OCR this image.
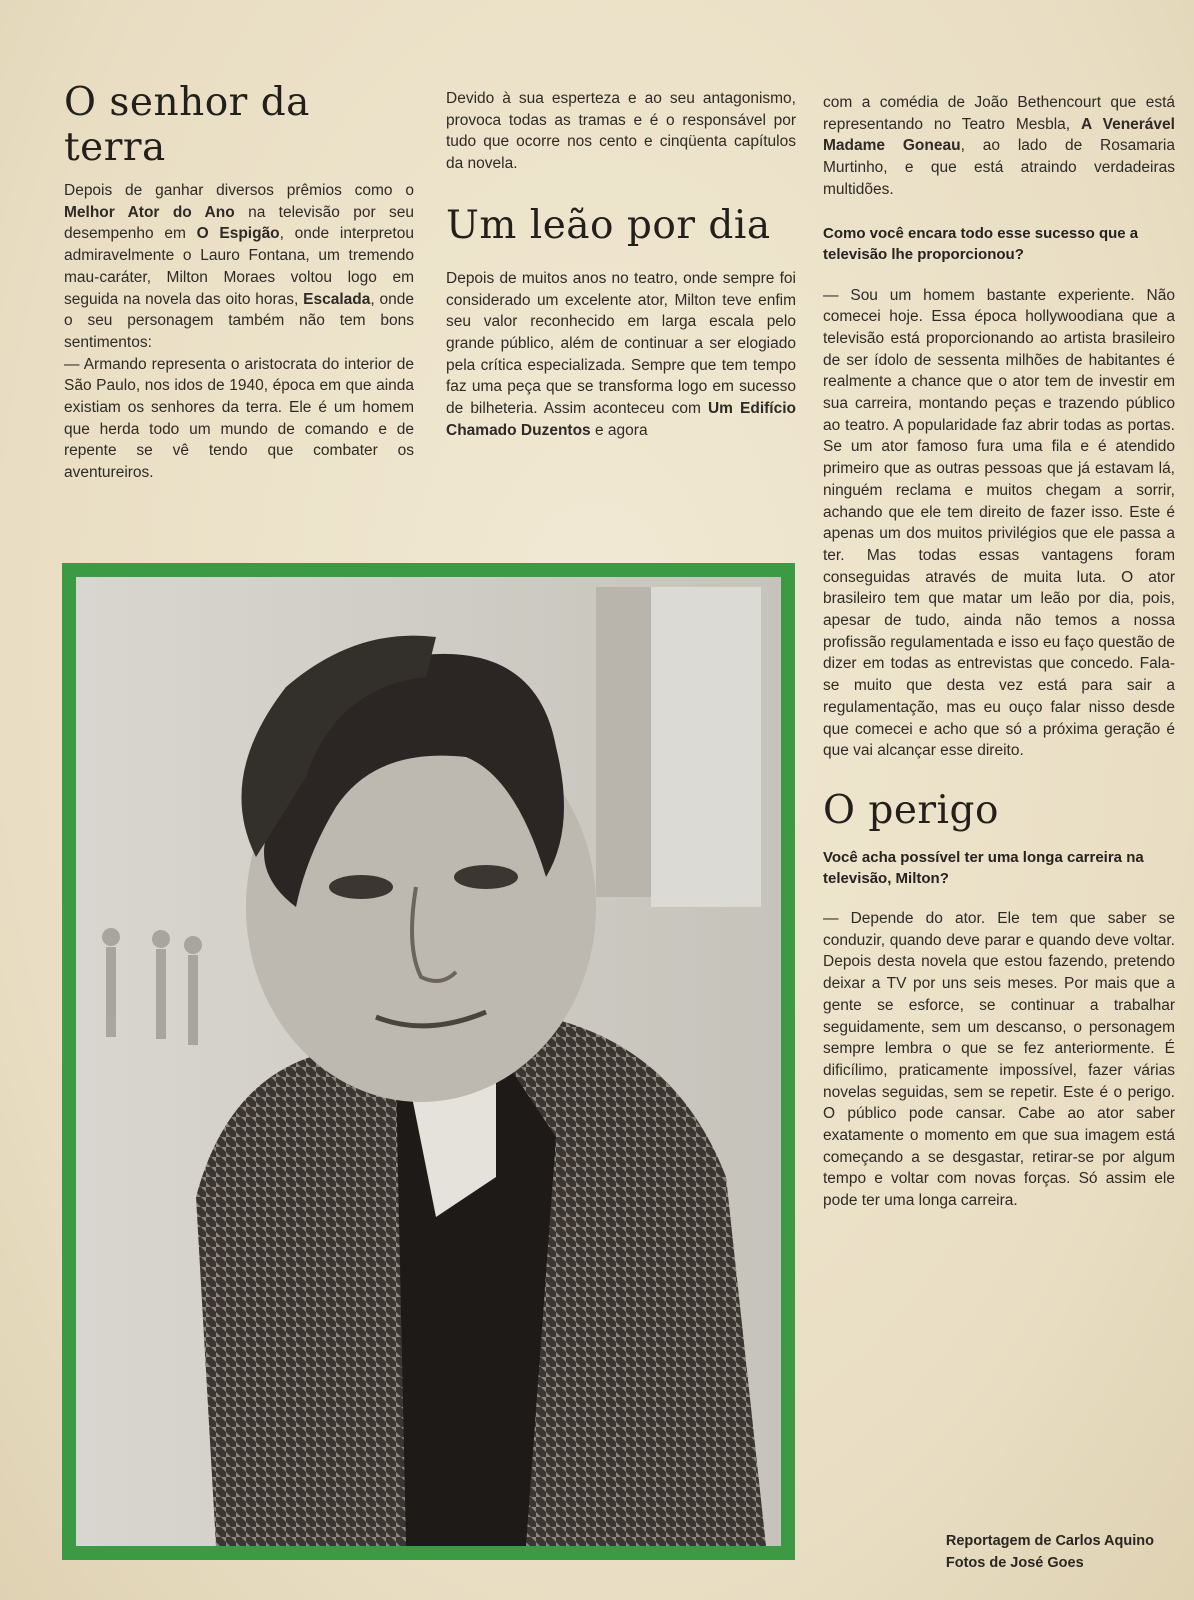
O senhor da terra

Depois de ganhar diversos prêmios como o Melhor Ator do Ano na televisão por seu desempenho em O Espigão, onde interpretou admiravelmente o Lauro Fontana, um tremendo mau-caráter, Milton Moraes voltou logo em seguida na novela das oito horas, Escalada, onde o seu personagem também não tem bons sentimentos:

— Armando representa o aristocrata do interior de São Paulo, nos idos de 1940, época em que ainda existiam os senhores da terra. Ele é um homem que herda todo um mundo de comando e de repente se vê tendo que combater os aventureiros.

Devido à sua esperteza e ao seu antagonismo, provoca todas as tramas e é o responsável por tudo que ocorre nos cento e cinqüenta capítulos da novela.

Um leão por dia

Depois de muitos anos no teatro, onde sempre foi considerado um excelente ator, Milton teve enfim seu valor reconhecido em larga escala pelo grande público, além de continuar a ser elogiado pela crítica especializada. Sempre que tem tempo faz uma peça que se transforma logo em sucesso de bilheteria. Assim aconteceu com Um Edifício Chamado Duzentos e agora

com a comédia de João Bethencourt que está representando no Teatro Mesbla, A Venerável Madame Goneau, ao lado de Rosamaria Murtinho, e que está atraindo verdadeiras multidões.

Como você encara todo esse sucesso que a televisão lhe proporcionou?

— Sou um homem bastante experiente. Não comecei hoje. Essa época hollywoodiana que a televisão está proporcionando ao artista brasileiro de ser ídolo de sessenta milhões de habitantes é realmente a chance que o ator tem de investir em sua carreira, montando peças e trazendo público ao teatro. A popularidade faz abrir todas as portas. Se um ator famoso fura uma fila e é atendido primeiro que as outras pessoas que já estavam lá, ninguém reclama e muitos chegam a sorrir, achando que ele tem direito de fazer isso. Este é apenas um dos muitos privilégios que ele passa a ter. Mas todas essas vantagens foram conseguidas através de muita luta. O ator brasileiro tem que matar um leão por dia, pois, apesar de tudo, ainda não temos a nossa profissão regulamentada e isso eu faço questão de dizer em todas as entrevistas que concedo. Fala-se muito que desta vez está para sair a regulamentação, mas eu ouço falar nisso desde que comecei e acho que só a próxima geração é que vai alcançar esse direito.

O perigo

Você acha possível ter uma longa carreira na televisão, Milton?

— Depende do ator. Ele tem que saber se conduzir, quando deve parar e quando deve voltar. Depois desta novela que estou fazendo, pretendo deixar a TV por uns seis meses. Por mais que a gente se esforce, se continuar a trabalhar seguidamente, sem um descanso, o personagem sempre lembra o que se fez anteriormente. É dificílimo, praticamente impossível, fazer várias novelas seguidas, sem se repetir. Este é o perigo. O público pode cansar. Cabe ao ator saber exatamente o momento em que sua imagem está começando a se desgastar, retirar-se por algum tempo e voltar com novas forças. Só assim ele pode ter uma longa carreira.

Reportagem de Carlos Aquino
Fotos de José Goes
